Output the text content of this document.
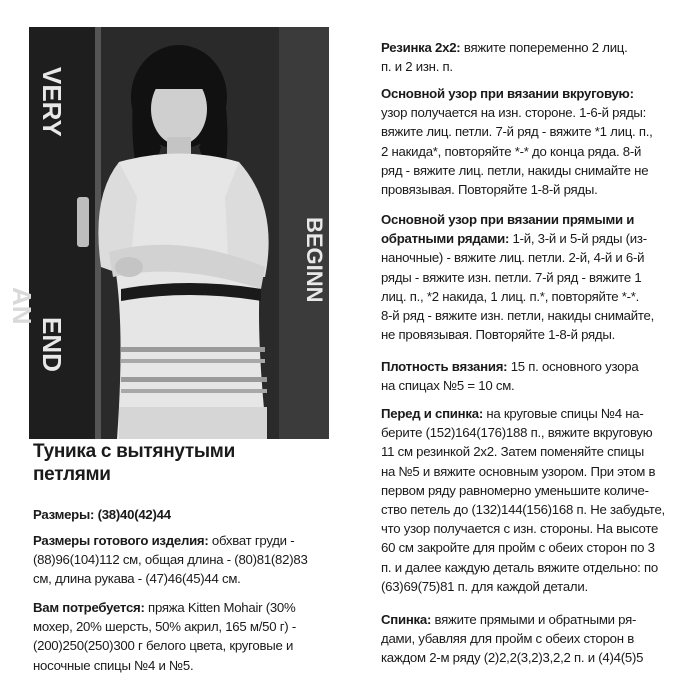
VERY
AN
BEGINN
END
Туника с вытянутыми
петлями

Размеры: (38)40(42)44

Размеры готового изделия: обхват груди -

(88)96(104)112 см, общая длина - (80)81(82)83

см, длина рукава - (47)46(45)44 см.

Вам потребуется: пряжа Kitten Mohair (30%

мохер, 20% шерсть, 50% акрил, 165 м/50 г) -

(200)250(250)300 г белого цвета, круговые и

носочные спицы №4 и №5.

Резинка 2х2: вяжите попеременно 2 лиц.

п. и 2 изн. п.

Основной узор при вязании вкруговую:

узор получается на изн. стороне. 1-6-й ряды:

вяжите лиц. петли. 7-й ряд - вяжите *1 лиц. п.,

2 накида*, повторяйте *-* до конца ряда. 8-й

ряд - вяжите лиц. петли, накиды снимайте не

провязывая. Повторяйте 1-8-й ряды.

Основной узор при вязании прямыми и

обратными рядами: 1-й, 3-й и 5-й ряды (из-

наночные) - вяжите лиц. петли. 2-й, 4-й и 6-й

ряды - вяжите изн. петли. 7-й ряд - вяжите 1

лиц. п., *2 накида, 1 лиц. п.*, повторяйте *-*.

8-й ряд - вяжите изн. петли, накиды снимайте,

не провязывая. Повторяйте 1-8-й ряды.

Плотность вязания: 15 п. основного узора

на спицах №5 = 10 см.

Перед и спинка: на круговые спицы №4 на-

берите (152)164(176)188 п., вяжите вкруговую

11 см резинкой 2х2. Затем поменяйте спицы

на №5 и вяжите основным узором. При этом в

первом ряду равномерно уменьшите количе-

ство петель до (132)144(156)168 п. Не забудьте,

что узор получается с изн. стороны. На высоте

60 см закройте для пройм с обеих сторон по 3

п. и далее каждую деталь вяжите отдельно: по

(63)69(75)81 п. для каждой детали.

Спинка: вяжите прямыми и обратными ря-

дами, убавляя для пройм с обеих сторон в

каждом 2-м ряду (2)2,2(3,2)3,2,2 п. и (4)4(5)5
